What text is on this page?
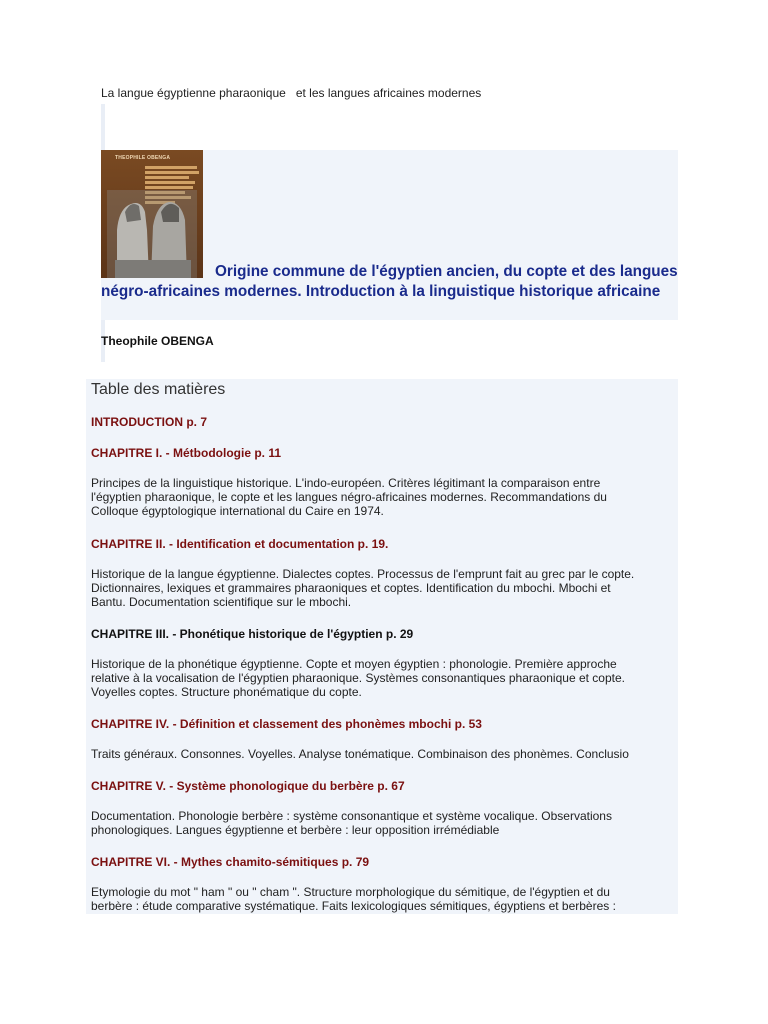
La langue égyptienne pharaonique et les langues africaines modernes
THEOPHILE OBENGA
Origine commune de l'égyptien ancien, du copte et des langues négro-africaines modernes. Introduction à la linguistique historique africaine
Theophile OBENGA
Table des matières
INTRODUCTION p. 7
CHAPITRE I. - Métbodologie p. 11
Principes de la linguistique historique. L'indo-européen. Critères légitimant la comparaison entre
l'égyptien pharaonique, le copte et les langues négro-africaines modernes. Recommandations du
Colloque égyptologique international du Caire en 1974.
CHAPITRE II. - Identification et documentation p. 19.
Historique de la langue égyptienne. Dialectes coptes. Processus de l'emprunt fait au grec par le copte.
Dictionnaires, lexiques et grammaires pharaoniques et coptes. Identification du mbochi. Mbochi et
Bantu. Documentation scientifique sur le mbochi.
CHAPITRE III. - Phonétique historique de l'égyptien p. 29
Historique de la phonétique égyptienne. Copte et moyen égyptien : phonologie. Première approche
relative à la vocalisation de l'égyptien pharaonique. Systèmes consonantiques pharaonique et copte.
Voyelles coptes. Structure phonématique du copte.
CHAPITRE IV. - Définition et classement des phonèmes mbochi p. 53
Traits généraux. Consonnes. Voyelles. Analyse tonématique. Combinaison des phonèmes. Conclusio
CHAPITRE V. - Système phonologique du berbère p. 67
Documentation. Phonologie berbère : système consonantique et système vocalique. Observations
phonologiques. Langues égyptienne et berbère : leur opposition irrémédiable
CHAPITRE VI. - Mythes chamito-sémitiques p. 79
Etymologie du mot " ham " ou " cham ". Structure morphologique du sémitique, de l'égyptien et du
berbère : étude comparative systématique. Faits lexicologiques sémitiques, égyptiens et berbères :
